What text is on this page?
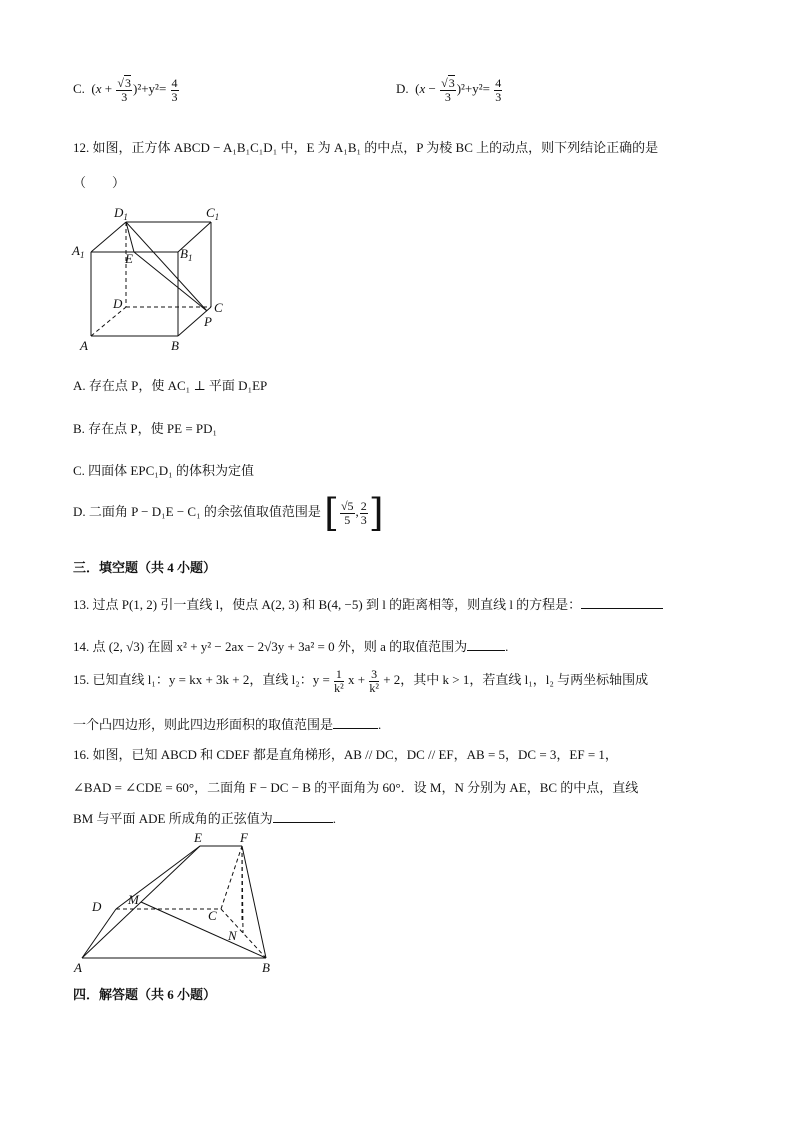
C.  $(x + \frac{√3}{3} )^2+y^2= \frac{4}{3}$	D.  $(x - \frac{√3}{3} )^2+y^2= \frac{4}{3}$
12. 如图，正方体 ABCD − A₁B₁C₁D₁ 中，E 为 A₁B₁ 的中点，P 为棱 BC 上的动点，则下列结论正确的是
（　　）
$D_1$	$C_1$
$A_1$	E	$B_1$
D	C
P
A	B
A. 存在点 P，使 AC₁ ⊥ 平面 D₁EP
B. 存在点 P，使 PE = PD₁
C. 四面体 EPC₁D₁ 的体积为定值
D. 二面角 P − D₁E − C₁ 的余弦值取值范围是 [ $\frac{√5}{5}$ , $\frac{2}{3}$ ]
三．填空题（共 4 小题）
13. 过点 P(1, 2) 引一直线 l，使点 A(2, 3) 和 B(4, −5) 到 l 的距离相等，则直线 l 的方程是：
14. 点 (2, √3) 在圆 x² + y² − 2ax − 2√3y + 3a² = 0 外，则 a 的取值范围为	.
15. 已知直线 l₁：y = kx + 3k + 2，直线 l₂：$y = \frac{1}{\text{k²}}$ $x + \frac{3}{\text{k²}} + 2$，其中 k > 1，若直线 l₁，l₂ 与两坐标轴围成
一个凸四边形，则此四边形面积的取值范围是	.
16. 如图，已知 ABCD 和 CDEF 都是直角梯形，AB // DC，DC // EF，AB = 5，DC = 3，EF = 1，
∠BAD = ∠CDE = 60°，二面角 F − DC − B 的平面角为 60°．设 M，N 分别为 AE，BC 的中点，直线
BM 与平面 ADE 所成角的正弦值为	.
E	F
D M
C
N
A	B
四．解答题（共 6 小题）
